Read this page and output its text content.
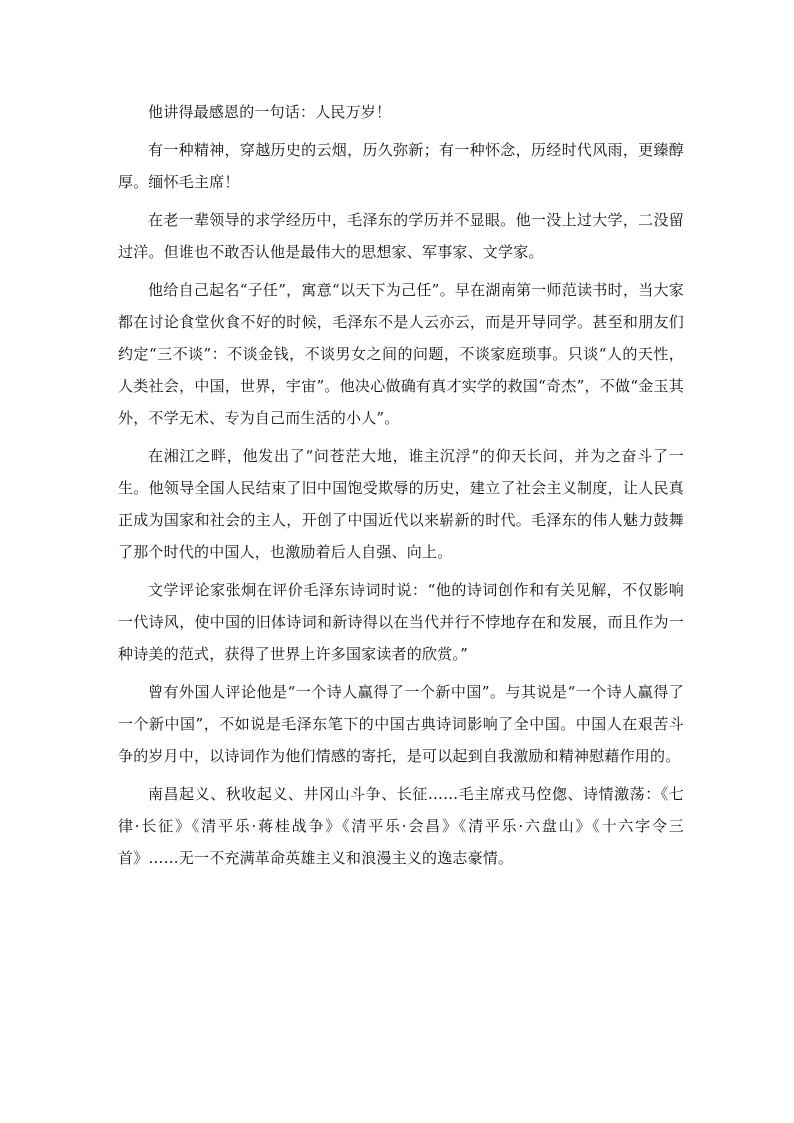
他讲得最感恩的一句话：人民万岁！

有一种精神，穿越历史的云烟，历久弥新；有一种怀念，历经时代风雨，更臻醇厚。缅怀毛主席！

在老一辈领导的求学经历中，毛泽东的学历并不显眼。他一没上过大学，二没留过洋。但谁也不敢否认他是最伟大的思想家、军事家、文学家。

他给自己起名“子任”，寓意“以天下为己任”。早在湖南第一师范读书时，当大家都在讨论食堂伙食不好的时候，毛泽东不是人云亦云，而是开导同学。甚至和朋友们约定“三不谈”：不谈金钱，不谈男女之间的问题，不谈家庭琐事。只谈“人的天性，人类社会，中国，世界，宇宙”。他决心做确有真才实学的救国“奇杰”，不做“金玉其外，不学无术、专为自己而生活的小人”。

在湘江之畔，他发出了“问苍茫大地，谁主沉浮”的仰天长问，并为之奋斗了一生。他领导全国人民结束了旧中国饱受欺辱的历史，建立了社会主义制度，让人民真正成为国家和社会的主人，开创了中国近代以来崭新的时代。毛泽东的伟人魅力鼓舞了那个时代的中国人，也激励着后人自强、向上。

文学评论家张炯在评价毛泽东诗词时说：“他的诗词创作和有关见解，不仅影响一代诗风，使中国的旧体诗词和新诗得以在当代并行不悖地存在和发展，而且作为一种诗美的范式，获得了世界上许多国家读者的欣赏。”

曾有外国人评论他是“一个诗人赢得了一个新中国”。与其说是“一个诗人赢得了一个新中国”，不如说是毛泽东笔下的中国古典诗词影响了全中国。中国人在艰苦斗争的岁月中，以诗词作为他们情感的寄托，是可以起到自我激励和精神慰藉作用的。

南昌起义、秋收起义、井冈山斗争、长征……毛主席戎马倥偬、诗情激荡：《七律·长征》《清平乐·蒋桂战争》《清平乐·会昌》《清平乐·六盘山》《十六字令三首》……无一不充满革命英雄主义和浪漫主义的逸志豪情。
